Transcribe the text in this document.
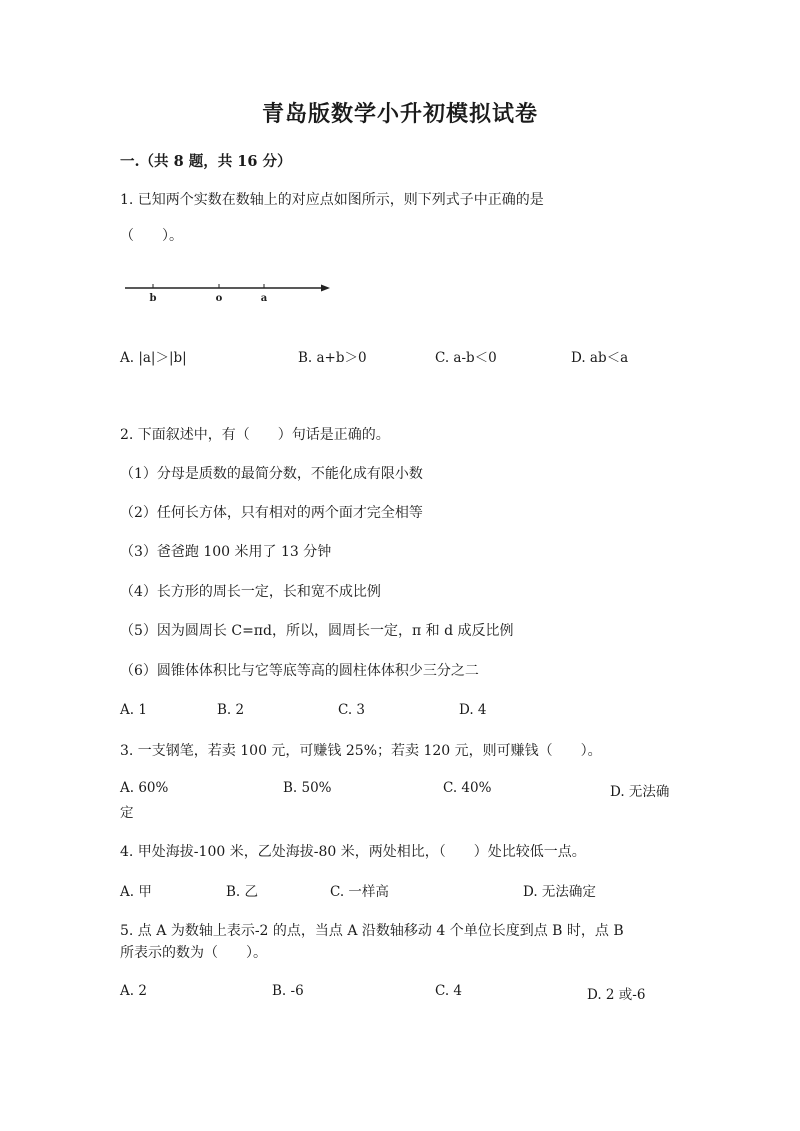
青岛版数学小升初模拟试卷
一.（共 8 题，共 16 分）
1. 已知两个实数在数轴上的对应点如图所示，则下列式子中正确的是
（　　）。
b	o	a
A. |a|＞|b|	B. a+b＞0	C. a-b＜0	D. ab＜a
2. 下面叙述中，有（　　）句话是正确的。
（1）分母是质数的最简分数，不能化成有限小数
（2）任何长方体，只有相对的两个面才完全相等
（3）爸爸跑 100 米用了 13 分钟
（4）长方形的周长一定，长和宽不成比例
（5）因为圆周长 C=πd，所以，圆周长一定，π 和 d 成反比例
（6）圆锥体体积比与它等底等高的圆柱体体积少三分之二
A. 1	B. 2	C. 3	D. 4
3. 一支钢笔，若卖 100 元，可赚钱 25%；若卖 120 元，则可赚钱（　　）。
A. 60%	B. 50%	C. 40%	D. 无法确
定
4. 甲处海拔-100 米，乙处海拔-80 米，两处相比，（　　）处比较低一点。
A. 甲	B. 乙	C. 一样高	D. 无法确定
5. 点 A 为数轴上表示-2 的点，当点 A 沿数轴移动 4 个单位长度到点 B 时，点 B
所表示的数为（　　）。
A. 2	B. -6	C. 4	D. 2 或-6
